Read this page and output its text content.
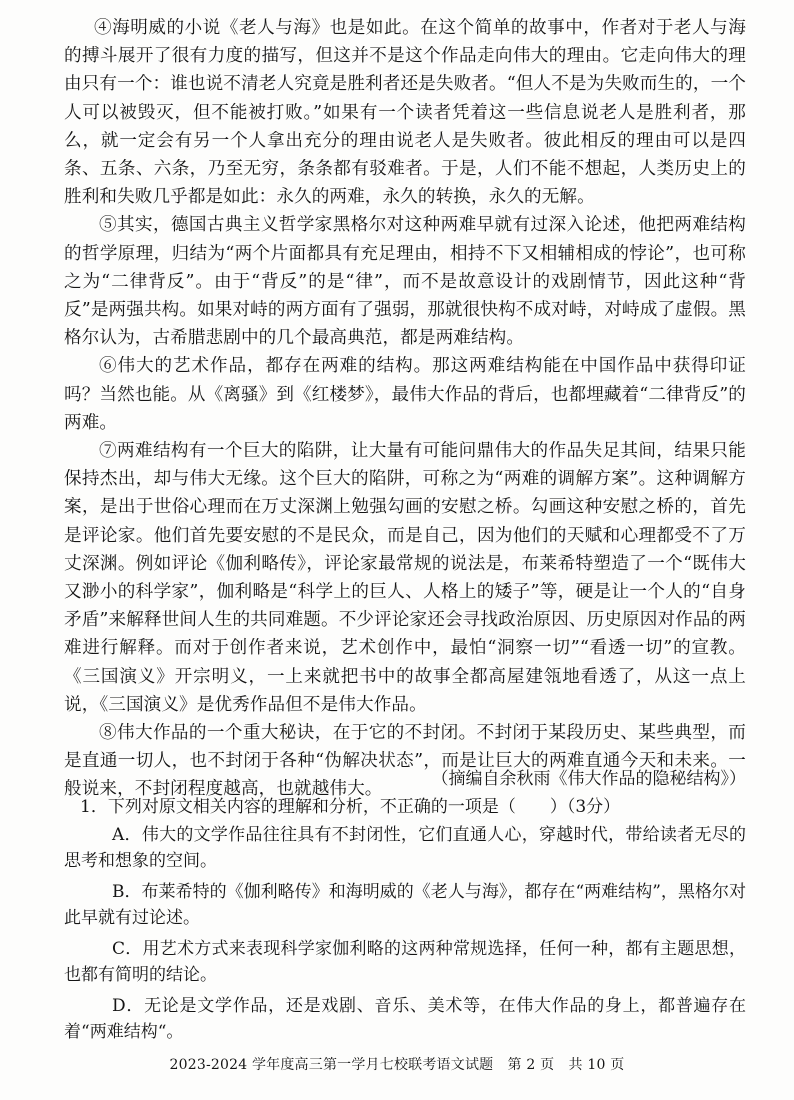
④海明威的小说《老人与海》也是如此。在这个简单的故事中，作者对于老人与海的搏斗展开了很有力度的描写，但这并不是这个作品走向伟大的理由。它走向伟大的理由只有一个：谁也说不清老人究竟是胜利者还是失败者。“但人不是为失败而生的，一个人可以被毁灭，但不能被打败。”如果有一个读者凭着这一些信息说老人是胜利者，那么，就一定会有另一个人拿出充分的理由说老人是失败者。彼此相反的理由可以是四条、五条、六条，乃至无穷，条条都有驳难者。于是，人们不能不想起，人类历史上的胜利和失败几乎都是如此：永久的两难，永久的转换，永久的无解。

⑤其实，德国古典主义哲学家黑格尔对这种两难早就有过深入论述，他把两难结构的哲学原理，归结为“两个片面都具有充足理由，相持不下又相辅相成的悖论”，也可称之为“二律背反”。由于“背反”的是“律”，而不是故意设计的戏剧情节，因此这种“背反”是两强共构。如果对峙的两方面有了强弱，那就很快构不成对峙，对峙成了虚假。黑格尔认为，古希腊悲剧中的几个最高典范，都是两难结构。

⑥伟大的艺术作品，都存在两难的结构。那这两难结构能在中国作品中获得印证吗？当然也能。从《离骚》到《红楼梦》，最伟大作品的背后，也都埋藏着“二律背反”的两难。

⑦两难结构有一个巨大的陷阱，让大量有可能问鼎伟大的作品失足其间，结果只能保持杰出，却与伟大无缘。这个巨大的陷阱，可称之为“两难的调解方案”。这种调解方案，是出于世俗心理而在万丈深渊上勉强勾画的安慰之桥。勾画这种安慰之桥的，首先是评论家。他们首先要安慰的不是民众，而是自己，因为他们的天赋和心理都受不了万丈深渊。例如评论《伽利略传》，评论家最常规的说法是，布莱希特塑造了一个“既伟大又渺小的科学家”，伽利略是“科学上的巨人、人格上的矮子”等，硬是让一个人的“自身矛盾”来解释世间人生的共同难题。不少评论家还会寻找政治原因、历史原因对作品的两难进行解释。而对于创作者来说，艺术创作中，最怕“洞察一切”“看透一切”的宣教。《三国演义》开宗明义，一上来就把书中的故事全都高屋建瓴地看透了，从这一点上说，《三国演义》是优秀作品但不是伟大作品。

⑧伟大作品的一个重大秘诀，在于它的不封闭。不封闭于某段历史、某些典型，而是直通一切人，也不封闭于各种“伪解决状态”，而是让巨大的两难直通今天和未来。一般说来，不封闭程度越高，也就越伟大。

（摘编自余秋雨《伟大作品的隐秘结构》）

1．下列对原文相关内容的理解和分析，不正确的一项是（　　）（3分）

A．伟大的文学作品往往具有不封闭性，它们直通人心，穿越时代，带给读者无尽的思考和想象的空间。

B．布莱希特的《伽利略传》和海明威的《老人与海》，都存在“两难结构”，黑格尔对此早就有过论述。

C．用艺术方式来表现科学家伽利略的这两种常规选择，任何一种，都有主题思想，也都有简明的结论。

D．无论是文学作品，还是戏剧、音乐、美术等，在伟大作品的身上，都普遍存在着“两难结构“。

2023-2024 学年度高三第一学月七校联考语文试题　第 2 页　共 10 页
